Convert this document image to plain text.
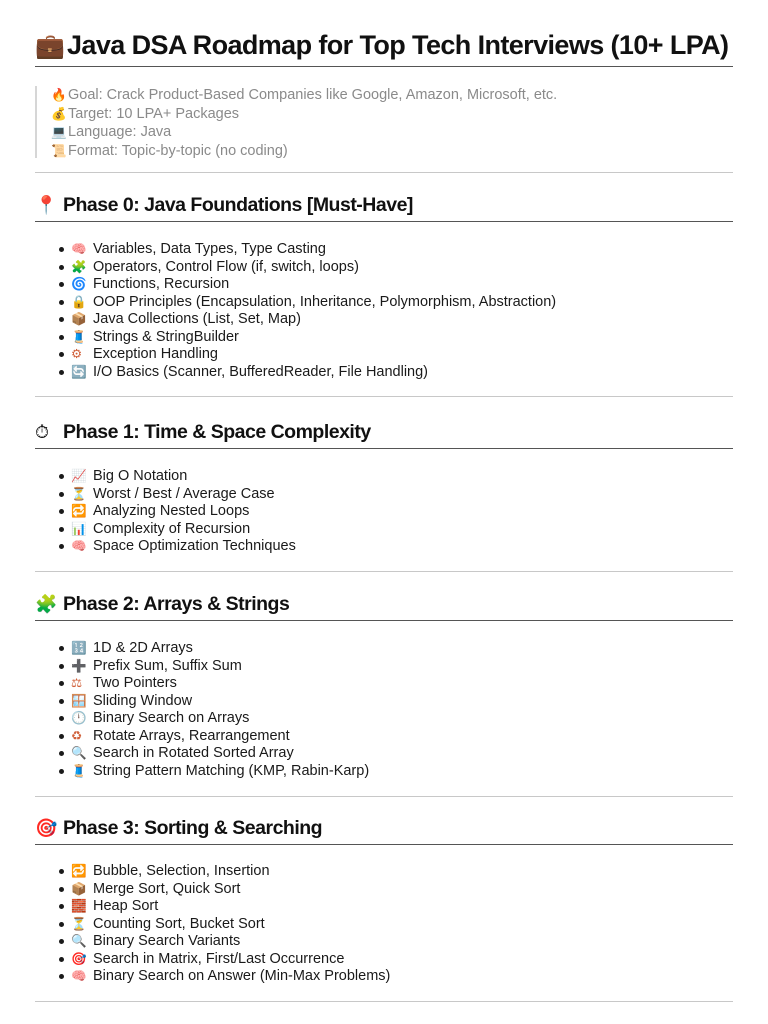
💼 Java DSA Roadmap for Top Tech Interviews (10+ LPA)
🔥Goal: Crack Product-Based Companies like Google, Amazon, Microsoft, etc.
💰Target: 10 LPA+ Packages
💻Language: Java
📜Format: Topic-by-topic (no coding)
📍 Phase 0: Java Foundations [Must-Have]
🧠 Variables, Data Types, Type Casting
🧩 Operators, Control Flow (if, switch, loops)
🌀 Functions, Recursion
🔒 OOP Principles (Encapsulation, Inheritance, Polymorphism, Abstraction)
📦 Java Collections (List, Set, Map)
🧵 Strings & StringBuilder
⚙ Exception Handling
🔄 I/O Basics (Scanner, BufferedReader, File Handling)
⏱ Phase 1: Time & Space Complexity
📈 Big O Notation
⏳ Worst / Best / Average Case
🔁 Analyzing Nested Loops
📊 Complexity of Recursion
🧠 Space Optimization Techniques
🧩 Phase 2: Arrays & Strings
🔢 1D & 2D Arrays
➕ Prefix Sum, Suffix Sum
⚖ Two Pointers
🪟 Sliding Window
🕛 Binary Search on Arrays
♻ Rotate Arrays, Rearrangement
🔍 Search in Rotated Sorted Array
🧵 String Pattern Matching (KMP, Rabin-Karp)
🎯 Phase 3: Sorting & Searching
🔁 Bubble, Selection, Insertion
📦 Merge Sort, Quick Sort
🧱 Heap Sort
⏳ Counting Sort, Bucket Sort
🔍 Binary Search Variants
🎯 Search in Matrix, First/Last Occurrence
🧠 Binary Search on Answer (Min-Max Problems)
